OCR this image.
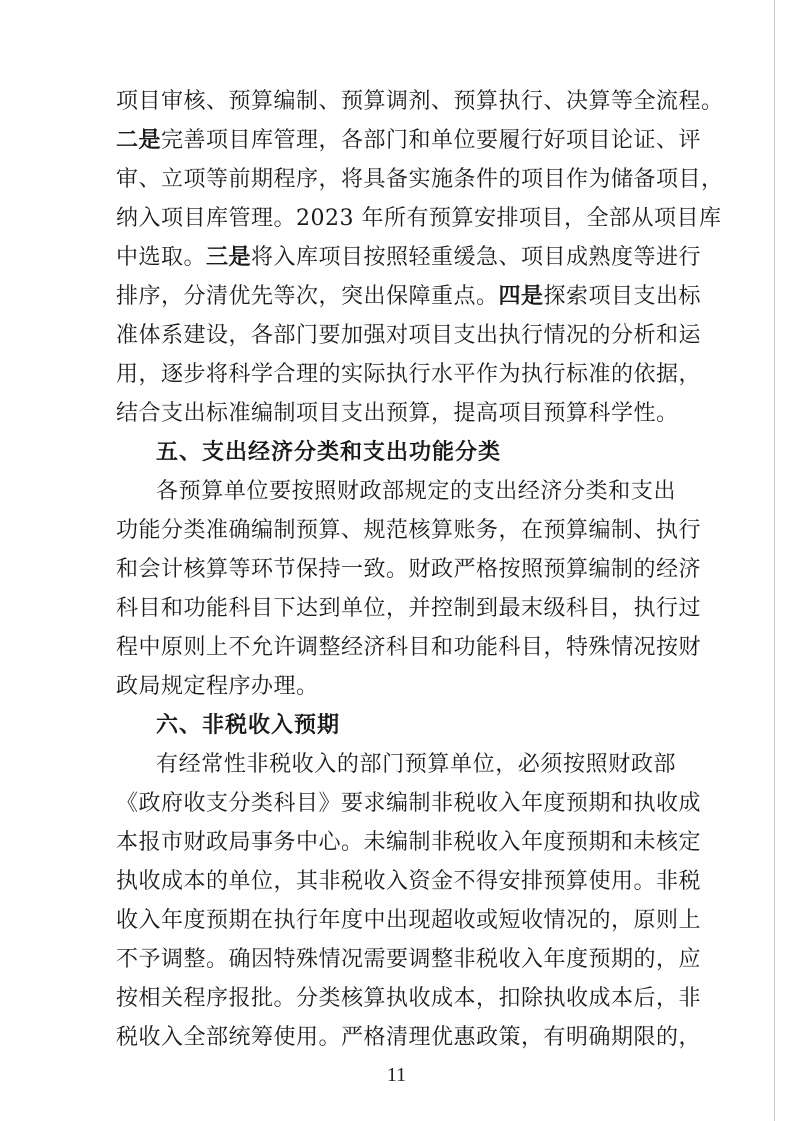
项目审核、预算编制、预算调剂、预算执行、决算等全流程。
二是完善项目库管理，各部门和单位要履行好项目论证、评
审、立项等前期程序，将具备实施条件的项目作为储备项目，
纳入项目库管理。2023 年所有预算安排项目，全部从项目库
中选取。三是将入库项目按照轻重缓急、项目成熟度等进行
排序，分清优先等次，突出保障重点。四是探索项目支出标
准体系建设，各部门要加强对项目支出执行情况的分析和运
用，逐步将科学合理的实际执行水平作为执行标准的依据，
结合支出标准编制项目支出预算，提高项目预算科学性。
五、支出经济分类和支出功能分类
各预算单位要按照财政部规定的支出经济分类和支出
功能分类准确编制预算、规范核算账务，在预算编制、执行
和会计核算等环节保持一致。财政严格按照预算编制的经济
科目和功能科目下达到单位，并控制到最末级科目，执行过
程中原则上不允许调整经济科目和功能科目，特殊情况按财
政局规定程序办理。
六、非税收入预期
有经常性非税收入的部门预算单位，必须按照财政部
《政府收支分类科目》要求编制非税收入年度预期和执收成
本报市财政局事务中心。未编制非税收入年度预期和未核定
执收成本的单位，其非税收入资金不得安排预算使用。非税
收入年度预期在执行年度中出现超收或短收情况的，原则上
不予调整。确因特殊情况需要调整非税收入年度预期的，应
按相关程序报批。分类核算执收成本，扣除执收成本后，非
税收入全部统筹使用。严格清理优惠政策，有明确期限的，
11
